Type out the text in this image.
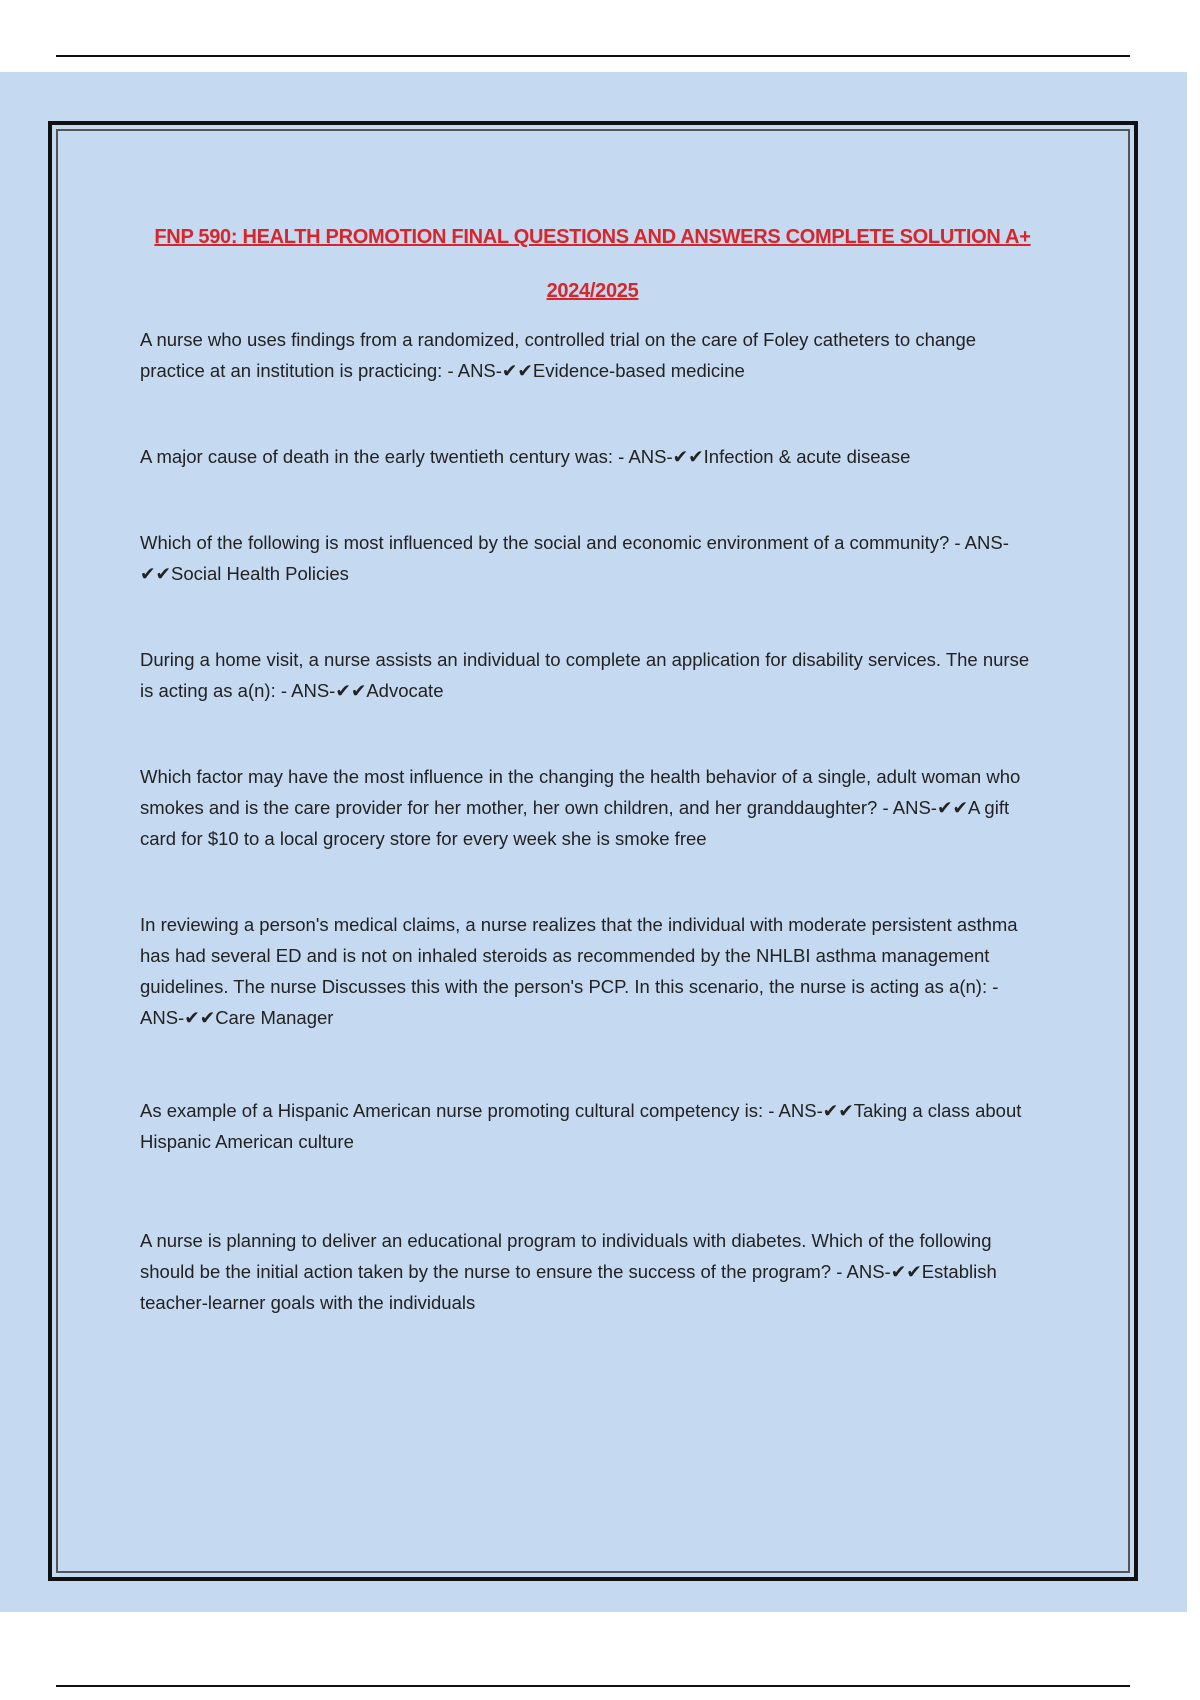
FNP 590: HEALTH PROMOTION FINAL QUESTIONS AND ANSWERS COMPLETE SOLUTION A+

2024/2025

A nurse who uses findings from a randomized, controlled trial on the care of Foley catheters to change practice at an institution is practicing: - ANS-✔✔Evidence-based medicine

A major cause of death in the early twentieth century was: - ANS-✔✔Infection & acute disease

Which of the following is most influenced by the social and economic environment of a community? - ANS-✔✔Social Health Policies

During a home visit, a nurse assists an individual to complete an application for disability services. The nurse is acting as a(n): - ANS-✔✔Advocate

Which factor may have the most influence in the changing the health behavior of a single, adult woman who smokes and is the care provider for her mother, her own children, and her granddaughter? - ANS-✔✔A gift card for $10 to a local grocery store for every week she is smoke free

In reviewing a person's medical claims, a nurse realizes that the individual with moderate persistent asthma has had several ED and is not on inhaled steroids as recommended by the NHLBI asthma management guidelines. The nurse Discusses this with the person's PCP. In this scenario, the nurse is acting as a(n): - ANS-✔✔Care Manager

As example of a Hispanic American nurse promoting cultural competency is: - ANS-✔✔Taking a class about Hispanic American culture

A nurse is planning to deliver an educational program to individuals with diabetes. Which of the following should be the initial action taken by the nurse to ensure the success of the program? - ANS-✔✔Establish teacher-learner goals with the individuals
